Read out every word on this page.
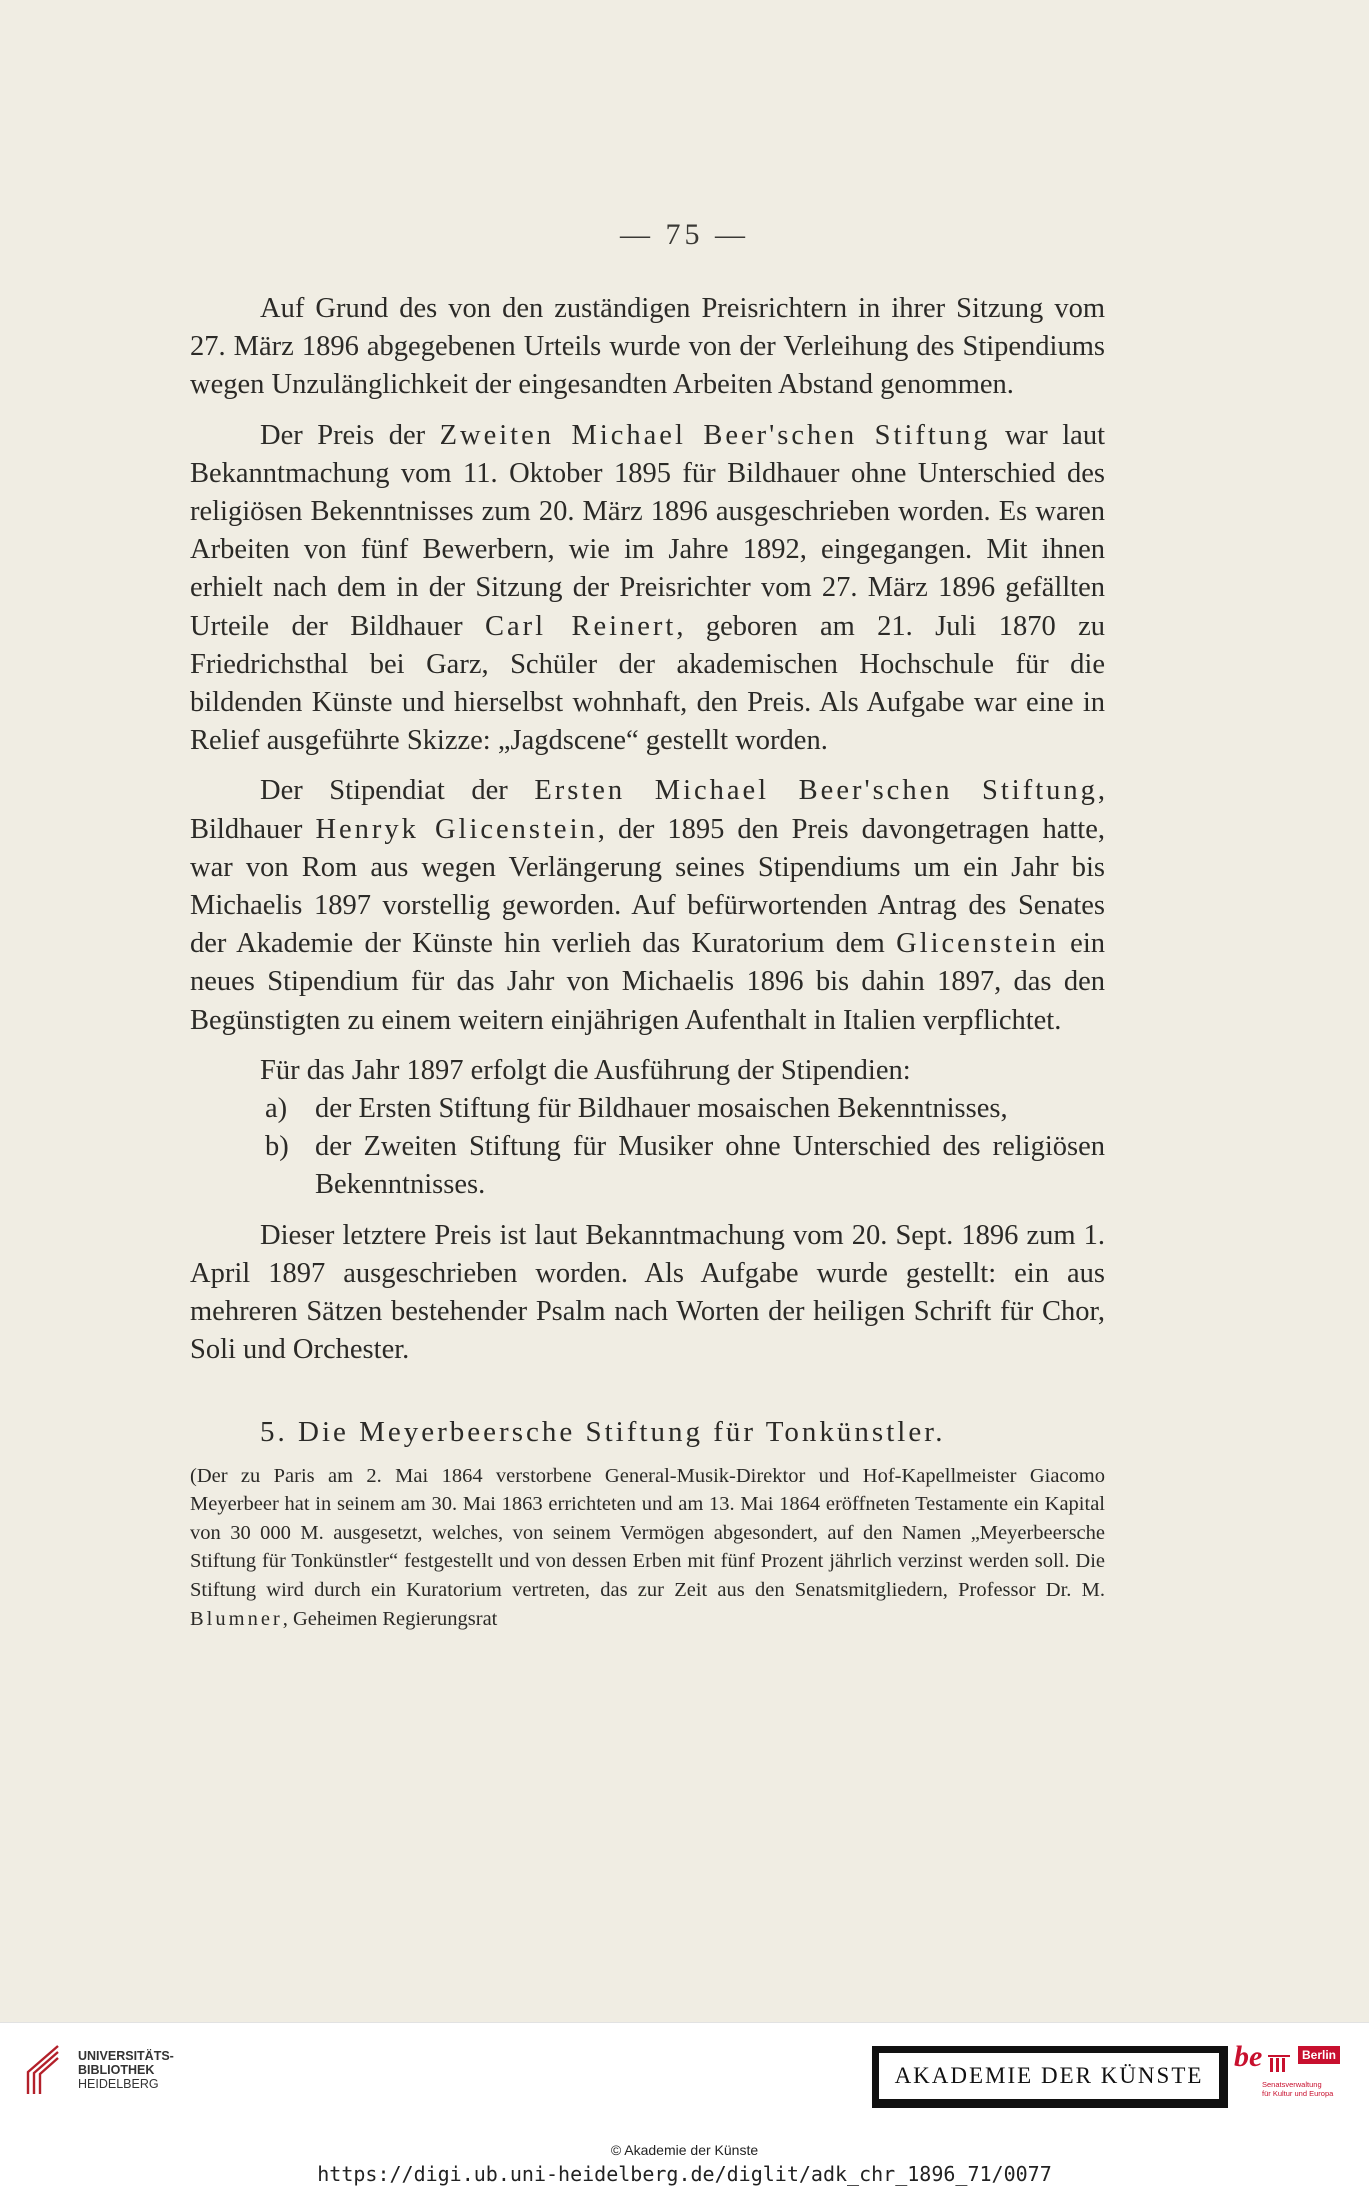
— 75 —

Auf Grund des von den zuständigen Preisrichtern in ihrer Sitzung vom 27. März 1896 abgegebenen Urteils wurde von der Verleihung des Stipendiums wegen Unzulänglichkeit der eingesandten Arbeiten Abstand genommen.

Der Preis der Zweiten Michael Beer'schen Stiftung war laut Bekanntmachung vom 11. Oktober 1895 für Bildhauer ohne Unterschied des religiösen Bekenntnisses zum 20. März 1896 ausgeschrieben worden. Es waren Arbeiten von fünf Bewerbern, wie im Jahre 1892, eingegangen. Mit ihnen erhielt nach dem in der Sitzung der Preisrichter vom 27. März 1896 gefällten Urteile der Bildhauer Carl Reinert, geboren am 21. Juli 1870 zu Friedrichsthal bei Garz, Schüler der akademischen Hochschule für die bildenden Künste und hierselbst wohnhaft, den Preis. Als Aufgabe war eine in Relief ausgeführte Skizze: „Jagdscene“ gestellt worden.

Der Stipendiat der Ersten Michael Beer'schen Stiftung, Bildhauer Henryk Glicenstein, der 1895 den Preis davongetragen hatte, war von Rom aus wegen Verlängerung seines Stipendiums um ein Jahr bis Michaelis 1897 vorstellig geworden. Auf befürwortenden Antrag des Senates der Akademie der Künste hin verlieh das Kuratorium dem Glicenstein ein neues Stipendium für das Jahr von Michaelis 1896 bis dahin 1897, das den Begünstigten zu einem weitern einjährigen Aufenthalt in Italien verpflichtet.

Für das Jahr 1897 erfolgt die Ausführung der Stipendien:

a) der Ersten Stiftung für Bildhauer mosaischen Bekenntnisses,

b) der Zweiten Stiftung für Musiker ohne Unterschied des religiösen Bekenntnisses.

Dieser letztere Preis ist laut Bekanntmachung vom 20. Sept. 1896 zum 1. April 1897 ausgeschrieben worden. Als Aufgabe wurde gestellt: ein aus mehreren Sätzen bestehender Psalm nach Worten der heiligen Schrift für Chor, Soli und Orchester.

5. Die Meyerbeersche Stiftung für Tonkünstler.

(Der zu Paris am 2. Mai 1864 verstorbene General-Musik-Direktor und Hof-Kapellmeister Giacomo Meyerbeer hat in seinem am 30. Mai 1863 errichteten und am 13. Mai 1864 eröffneten Testamente ein Kapital von 30 000 M. ausgesetzt, welches, von seinem Vermögen abgesondert, auf den Namen „Meyerbeersche Stiftung für Tonkünstler“ festgestellt und von dessen Erben mit fünf Prozent jährlich verzinst werden soll. Die Stiftung wird durch ein Kuratorium vertreten, das zur Zeit aus den Senatsmitgliedern, Professor Dr. M. Blumner, Geheimen Regierungsrat

UNIVERSITÄTS-
BIBLIOTHEK
HEIDELBERG	AKADEMIE DER KÜNSTE
be	Berlin
Senatsverwaltung
für Kultur und Europa
© Akademie der Künste
https://digi.ub.uni-heidelberg.de/diglit/adk_chr_1896_71/0077
